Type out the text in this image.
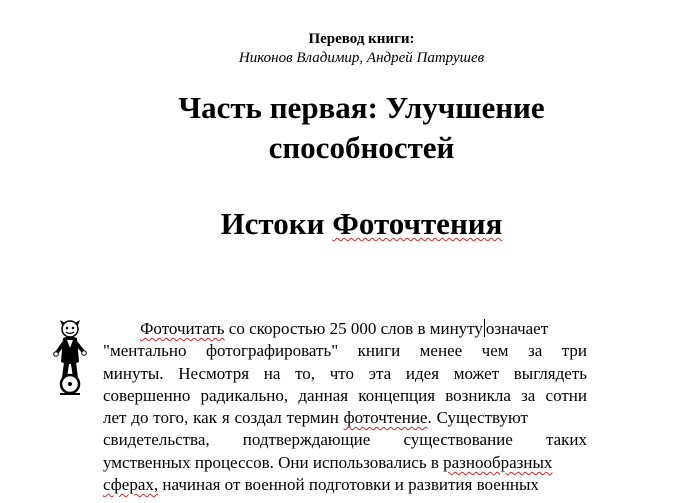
Перевод книги:
Никонов Владимир, Андрей Патрушев
Часть первая: Улучшение
способностей
Истоки Фоточтения
Фоточитать со скоростью 25 000 слов в минуту означает
"ментально фотографировать" книги менее чем за три
минуты. Несмотря на то, что эта идея может выглядеть
совершенно радикально, данная концепция возникла за сотни
лет до того, как я создал термин фоточтение. Существуют
свидетельства, подтверждающие существование таких
умственных процессов. Они использовались в разнообразных
сферах, начиная от военной подготовки и развития военных
